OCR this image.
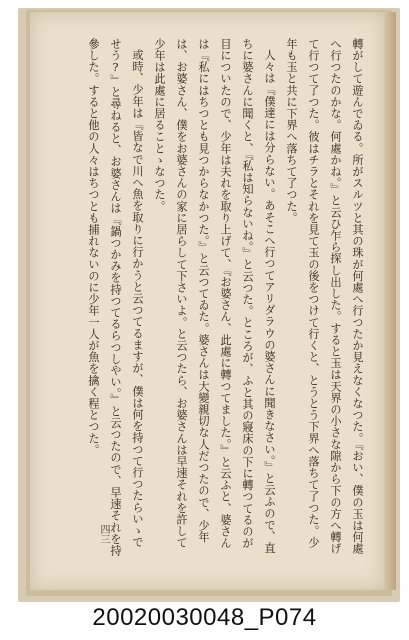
轉がして遊んでゐる。所がスルツと其の珠が何處へ行つたか見えなくなつた。『おい、僕の玉は何處へ行つたのかな。何處かね。』と云ひ乍ら探し出した。すると玉は天界の小さな隙から下の方へ轉げて行つて了つた。彼はチラとそれを見て玉の後をつけて行くと、とうとう下界へ落ちて了つた。少年も玉と共に下界へ落ちて了つた。

人々は『僕達には分らない。あそこへ行つてアリダラウの婆さんに聞きなさい。』と云ふので、直ちに婆さんに聞くと、『私は知らないね。』と云つた。ところが、ふと其の寢床の下に轉つてるのが目についたので、少年は夫れを取り上げて、『お婆さん、此處に轉つてました。』と云ふと、婆さんは『私にはちつとも見つからなかつた。』と云つてゐた。婆さんは大變親切な人だつたので、少年は、お婆さん、僕をお婆さんの家に居らして下さいよ。と云つたら、お婆さんは早速それを許して少年は此處に居ることゝなつた。

或時、少年は『皆なで川へ魚を取りに行かうと云つてるますが、僕は何を持つて行つたらいゝでせう?』と尋ねると、お婆さんは『鍋つかみを持つてるらつしやい。』と云つたので、早速それを持參した。すると他の人々はちつとも捕れないのに少年一人が魚を擒く程とつた。

四三
20020030048_P074
